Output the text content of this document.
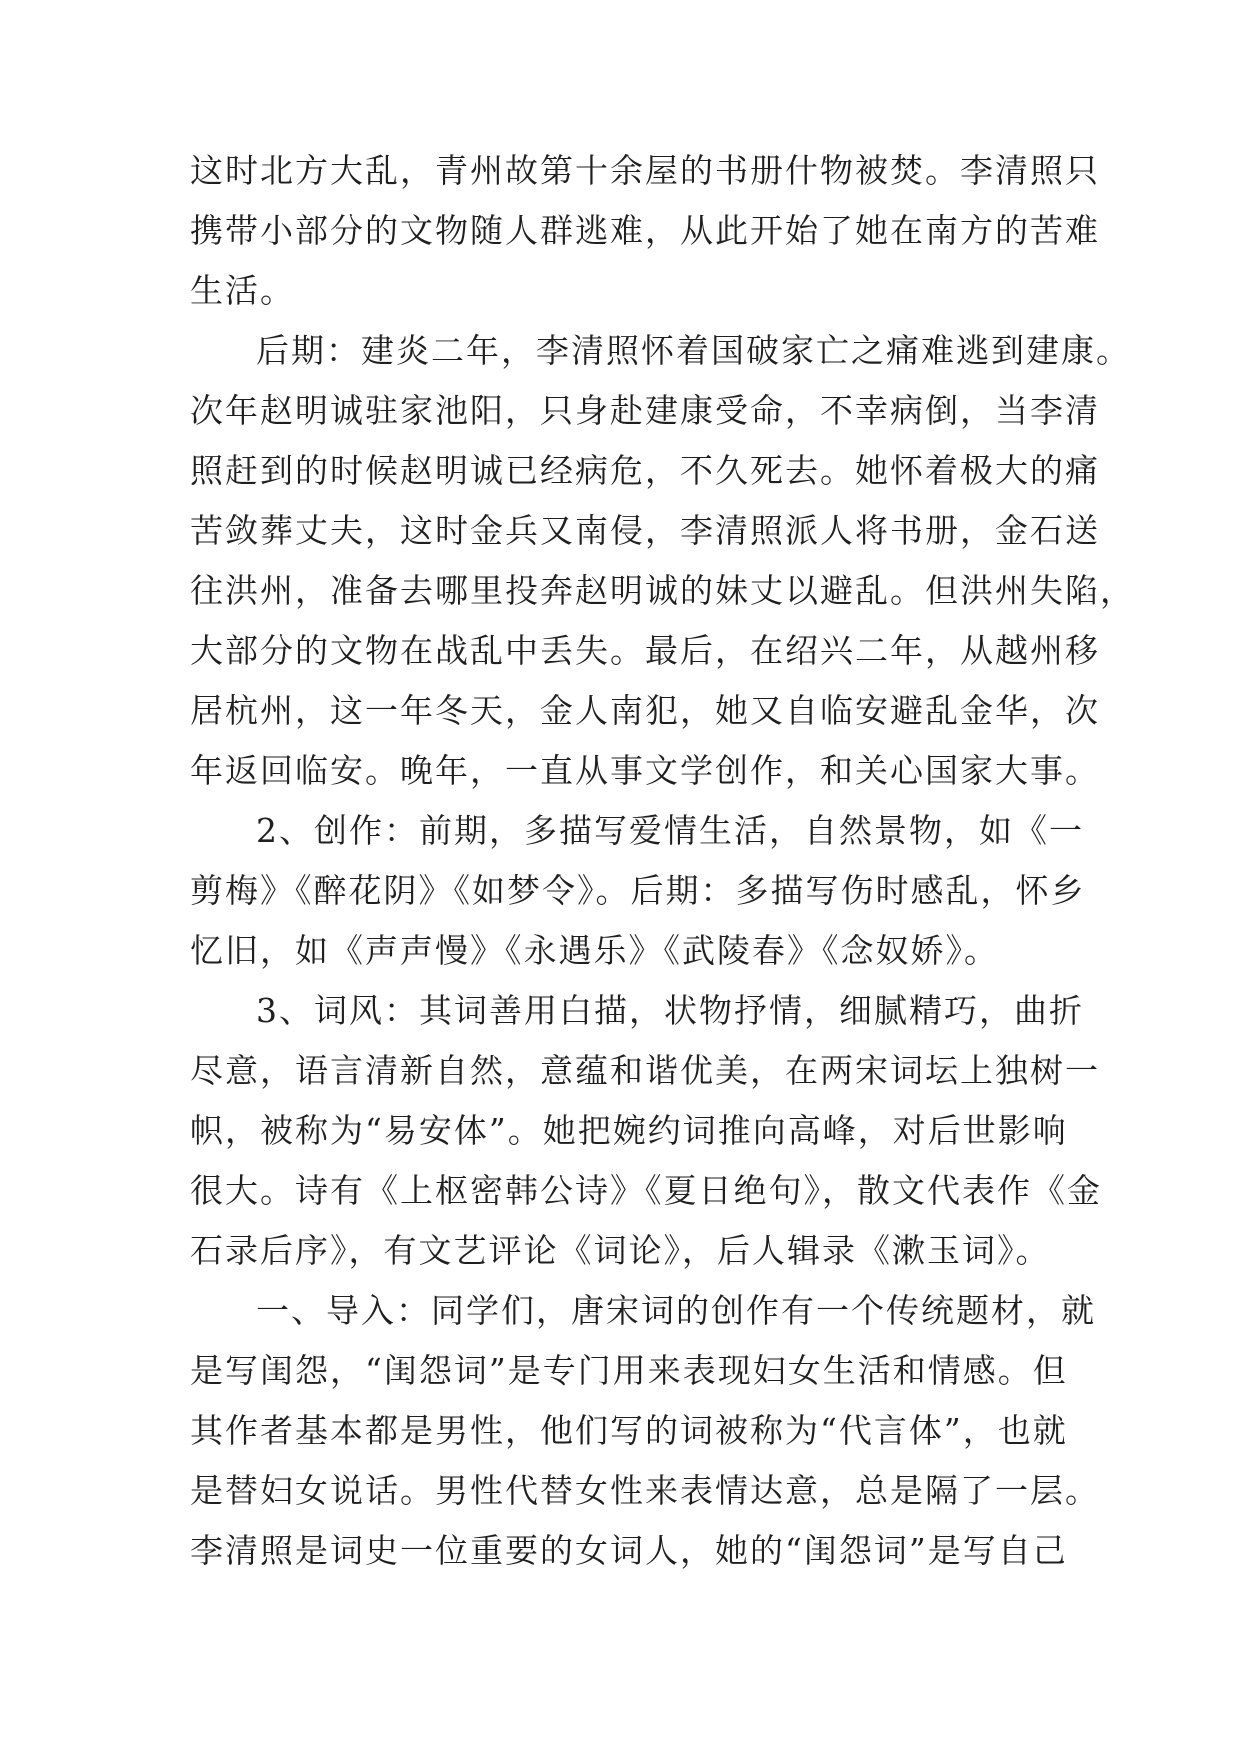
这时北方大乱，青州故第十余屋的书册什物被焚。李清照只
携带小部分的文物随人群逃难，从此开始了她在南方的苦难
生活。
后期：建炎二年，李清照怀着国破家亡之痛难逃到建康。
次年赵明诚驻家池阳，只身赴建康受命，不幸病倒，当李清
照赶到的时候赵明诚已经病危，不久死去。她怀着极大的痛
苦敛葬丈夫，这时金兵又南侵，李清照派人将书册，金石送
往洪州，准备去哪里投奔赵明诚的妹丈以避乱。但洪州失陷，
大部分的文物在战乱中丢失。最后，在绍兴二年，从越州移
居杭州，这一年冬天，金人南犯，她又自临安避乱金华，次
年返回临安。晚年，一直从事文学创作，和关心国家大事。
2、创作：前期，多描写爱情生活，自然景物，如《一
剪梅》《醉花阴》《如梦令》。后期：多描写伤时感乱，怀乡
忆旧，如《声声慢》《永遇乐》《武陵春》《念奴娇》。
3、词风：其词善用白描，状物抒情，细腻精巧，曲折
尽意，语言清新自然，意蕴和谐优美，在两宋词坛上独树一
帜，被称为“易安体”。她把婉约词推向高峰，对后世影响
很大。诗有《上枢密韩公诗》《夏日绝句》，散文代表作《金
石录后序》，有文艺评论《词论》，后人辑录《漱玉词》。
一、导入：同学们，唐宋词的创作有一个传统题材，就
是写闺怨，“闺怨词”是专门用来表现妇女生活和情感。但
其作者基本都是男性，他们写的词被称为“代言体”，也就
是替妇女说话。男性代替女性来表情达意，总是隔了一层。
李清照是词史一位重要的女词人，她的“闺怨词”是写自己
